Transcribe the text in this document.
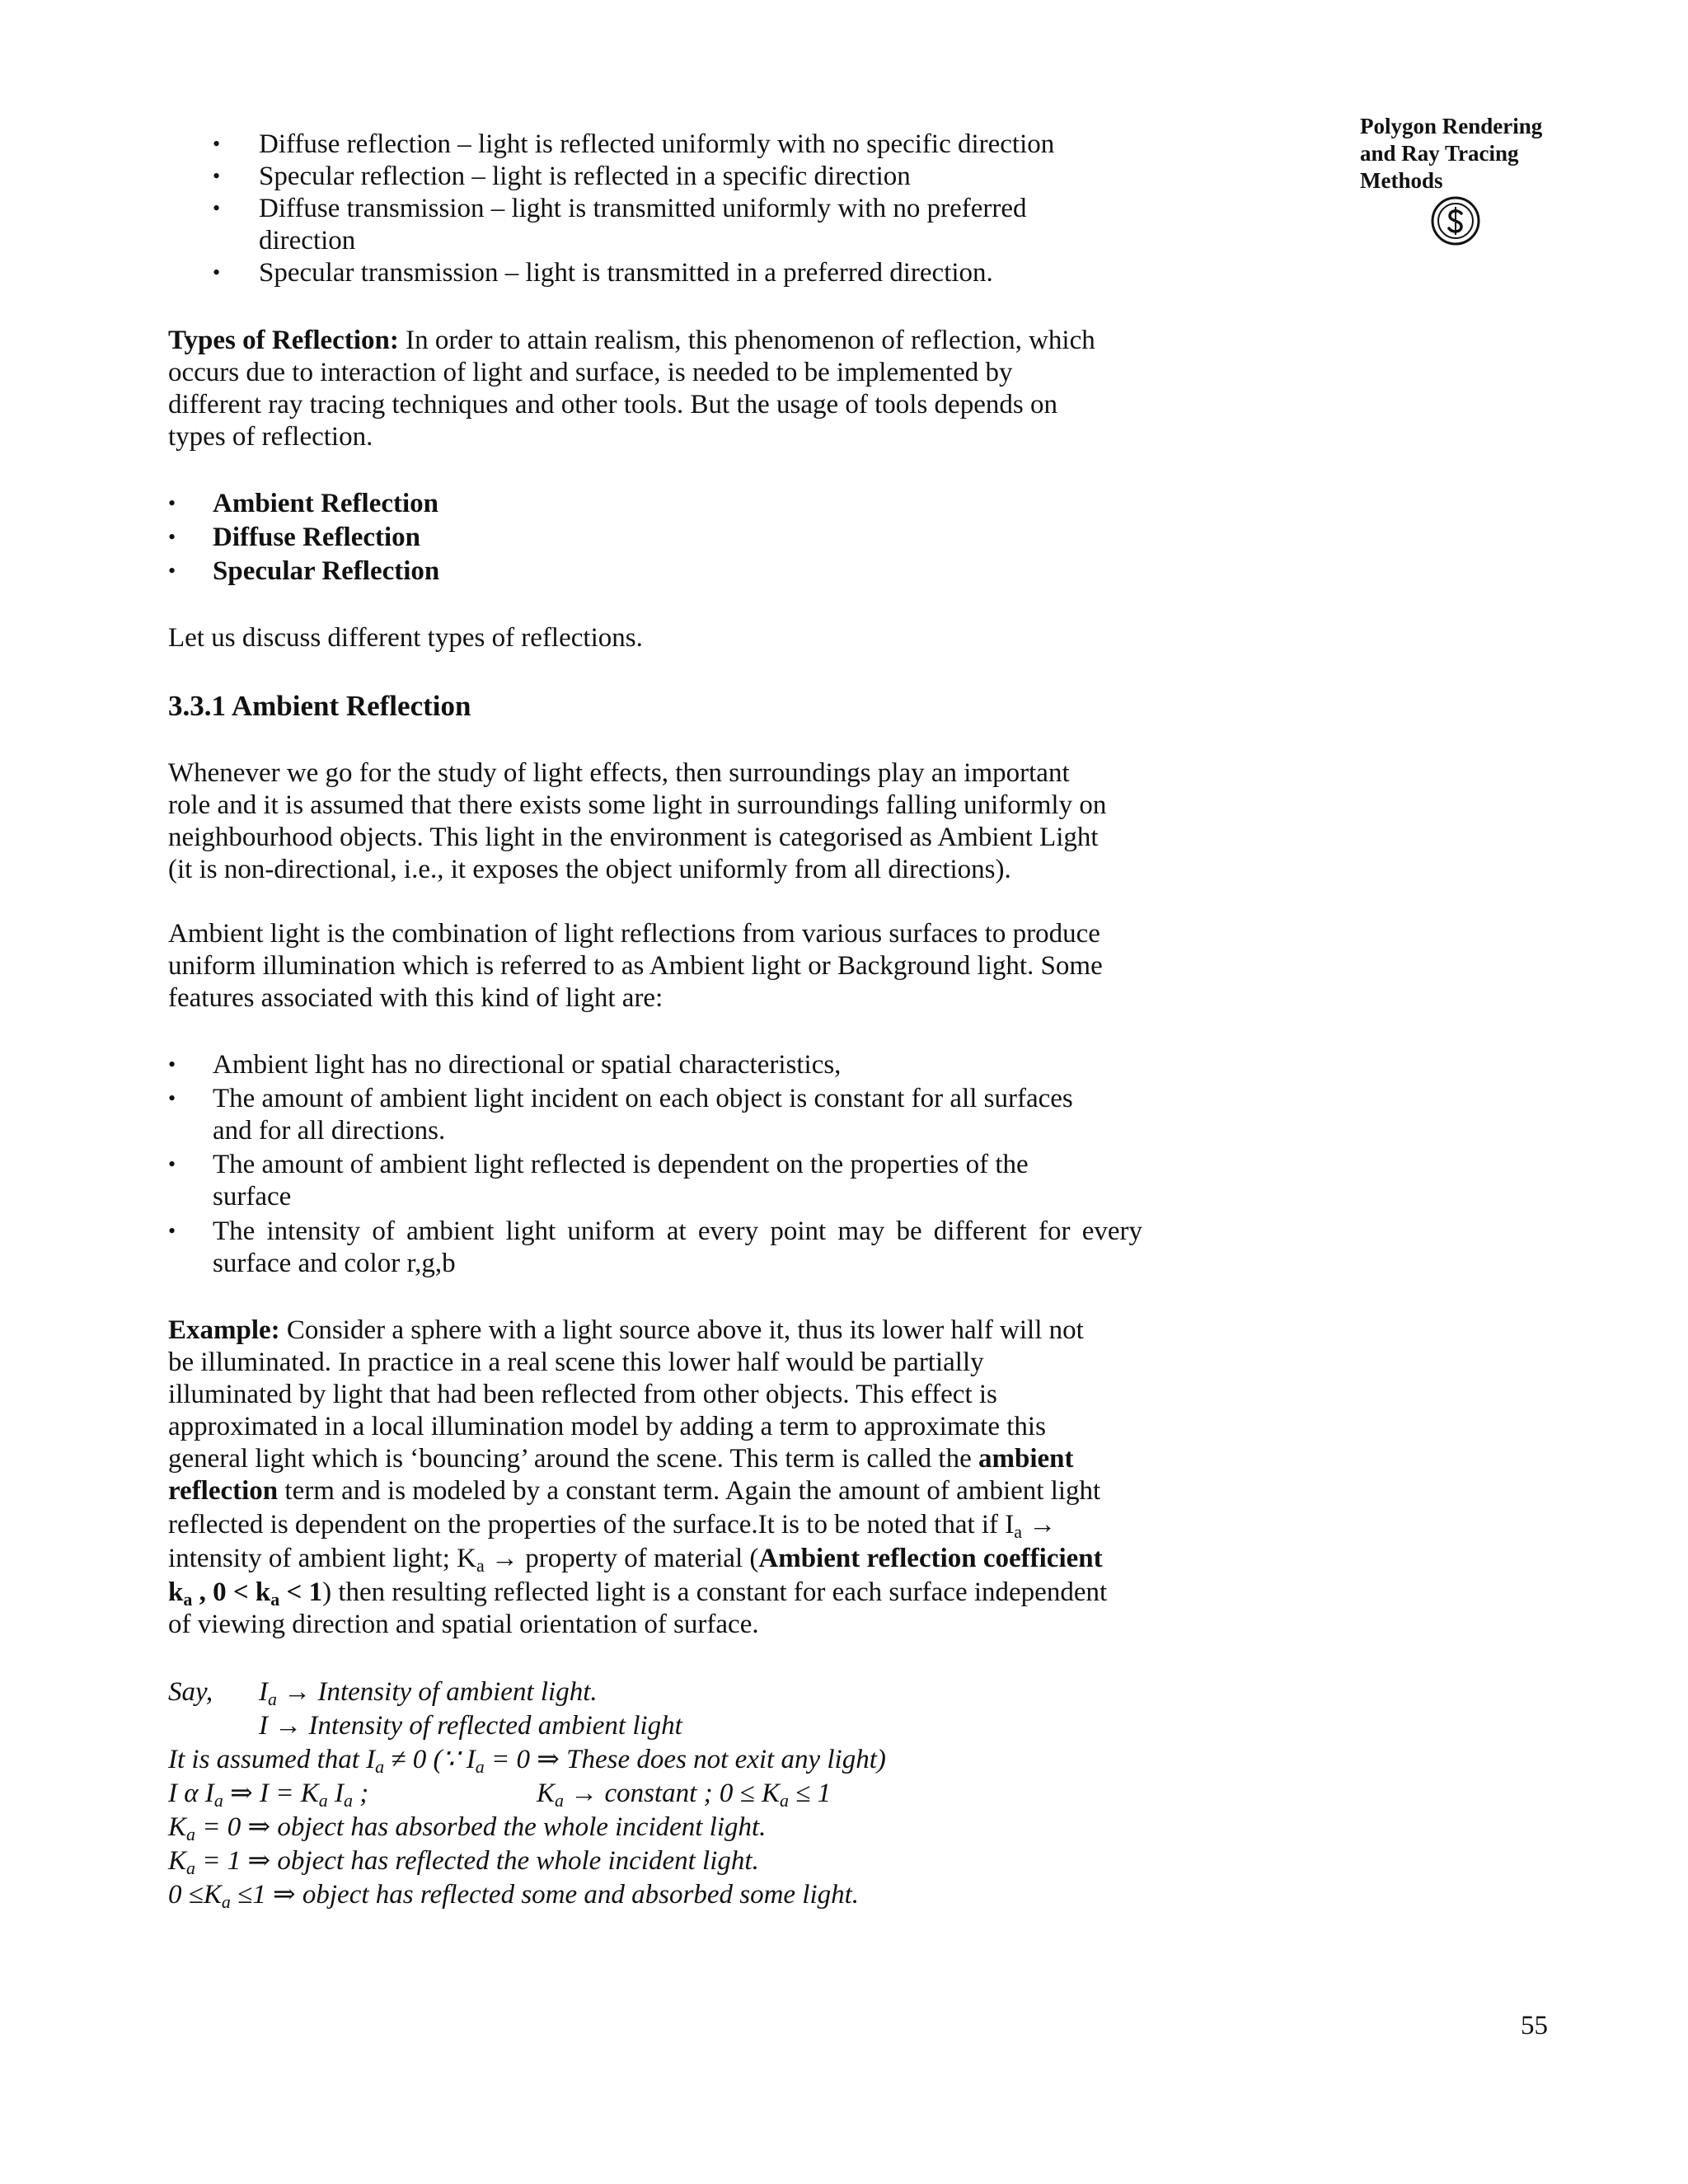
Polygon Rendering
and Ray Tracing
Methods
• Diffuse reflection – light is reflected uniformly with no specific direction
• Specular reflection – light is reflected in a specific direction
• Diffuse transmission – light is transmitted uniformly with no preferred
direction
• Specular transmission – light is transmitted in a preferred direction.
Types of Reflection: In order to attain realism, this phenomenon of reflection, which
occurs due to interaction of light and surface, is needed to be implemented by
different ray tracing techniques and other tools. But the usage of tools depends on
types of reflection.
• Ambient Reflection
• Diffuse Reflection
• Specular Reflection
Let us discuss different types of reflections.
3.3.1 Ambient Reflection
Whenever we go for the study of light effects, then surroundings play an important
role and it is assumed that there exists some light in surroundings falling uniformly on
neighbourhood objects. This light in the environment is categorised as Ambient Light
(it is non-directional, i.e., it exposes the object uniformly from all directions).
Ambient light is the combination of light reflections from various surfaces to produce
uniform illumination which is referred to as Ambient light or Background light. Some
features associated with this kind of light are:
• Ambient light has no directional or spatial characteristics,
• The amount of ambient light incident on each object is constant for all surfaces
and for all directions.
• The amount of ambient light reflected is dependent on the properties of the
surface
• The intensity of ambient light uniform at every point may be different for every
surface and color r,g,b
Example: Consider a sphere with a light source above it, thus its lower half will not
be illuminated. In practice in a real scene this lower half would be partially
illuminated by light that had been reflected from other objects. This effect is
approximated in a local illumination model by adding a term to approximate this
general light which is ‘bouncing’ around the scene. This term is called the ambient
reflection term and is modeled by a constant term. Again the amount of ambient light
reflected is dependent on the properties of the surface.It is to be noted that if $I_a$ →
intensity of ambient light; $K_a$ → property of material (Ambient reflection coefficient
$k_a$ , $0 < k_a < 1$) then resulting reflected light is a constant for each surface independent
of viewing direction and spatial orientation of surface.
Say, $I_a$ → Intensity of ambient light.
I → Intensity of reflected ambient light
It is assumed that $I_a \ne 0$ (∵ $I_a = 0$ ⇒ These does not exit any light)
I α $I_a$ ⇒ $I = K_a$ $I_a$ ;	$K_a$ → constant ; $0 \le K_a \le 1$
$K_a = 0$ ⇒ object has absorbed the whole incident light.
$K_a = 1$ ⇒ object has reflected the whole incident light.
$0 \le K_a \le 1$ ⇒ object has reflected some and absorbed some light.
55
